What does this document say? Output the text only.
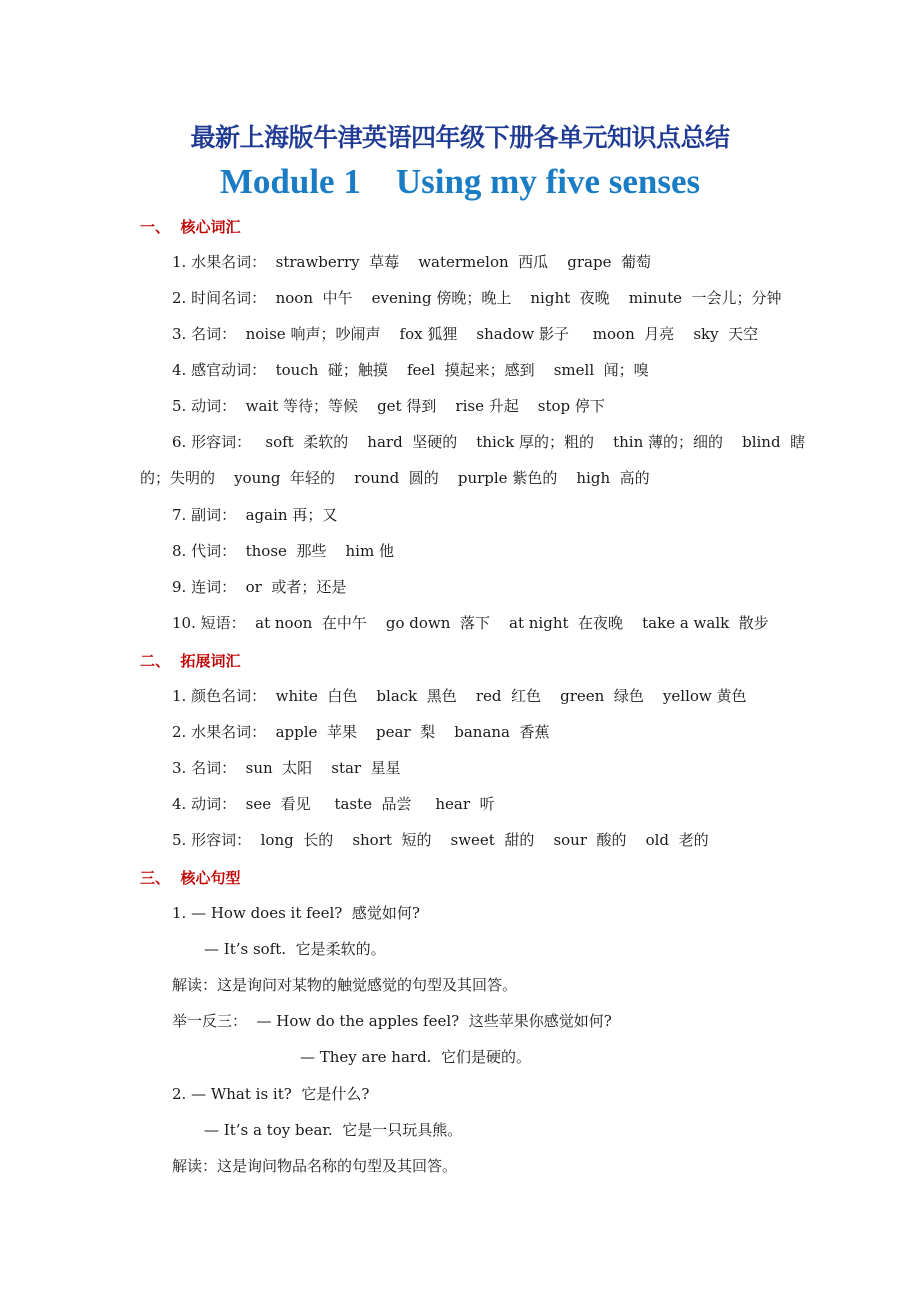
最新上海版牛津英语四年级下册各单元知识点总结
Module 1    Using my five senses
一、  核心词汇
1. 水果名词：  strawberry  草莓    watermelon  西瓜    grape  葡萄
2. 时间名词：  noon  中午    evening 傍晚；晚上    night  夜晚    minute  一会儿；分钟
3. 名词：  noise 响声；吵闹声    fox 狐狸    shadow 影子     moon  月亮    sky  天空
4. 感官动词：  touch  碰；触摸    feel  摸起来；感到    smell  闻；嗅
5. 动词：  wait 等待；等候    get 得到    rise 升起    stop 停下
6. 形容词：   soft  柔软的    hard  坚硬的    thick 厚的；粗的    thin 薄的；细的    blind  瞎
的；失明的    young  年轻的    round  圆的    purple 紫色的    high  高的
7. 副词：  again 再；又
8. 代词：  those  那些    him 他
9. 连词：  or  或者；还是
10. 短语：  at noon  在中午    go down  落下    at night  在夜晚    take a walk  散步
二、  拓展词汇
1. 颜色名词：  white  白色    black  黑色    red  红色    green  绿色    yellow 黄色
2. 水果名词：  apple  苹果    pear  梨    banana  香蕉
3. 名词：  sun  太阳    star  星星
4. 动词：  see  看见     taste  品尝     hear  听
5. 形容词：  long  长的    short  短的    sweet  甜的    sour  酸的    old  老的
三、  核心句型
1. — How does it feel?  感觉如何?
— It’s soft.  它是柔软的。
解读：这是询问对某物的触觉感觉的句型及其回答。
举一反三：  — How do the apples feel?  这些苹果你感觉如何?
— They are hard.  它们是硬的。
2. — What is it?  它是什么?
— It’s a toy bear.  它是一只玩具熊。
解读：这是询问物品名称的句型及其回答。
